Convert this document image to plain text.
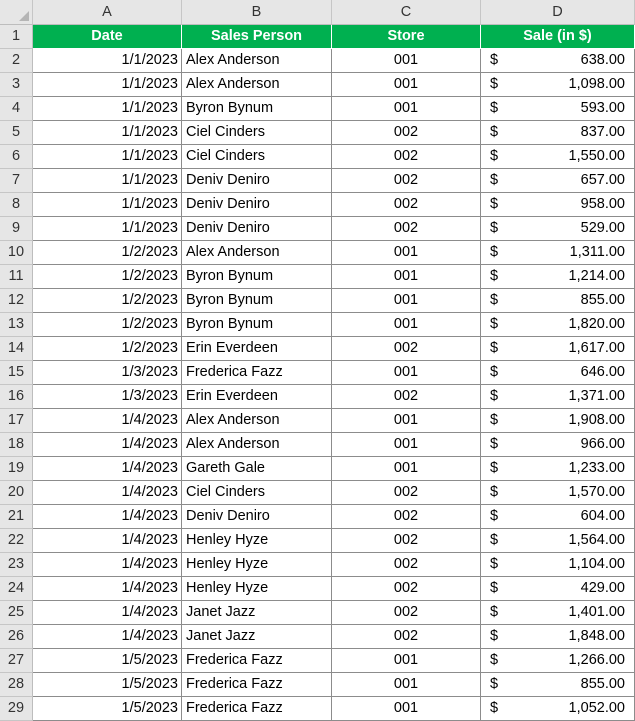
A	B	C	D
1	Date	Sales Person	Store	Sale (in $)
2	1/1/2023 Alex Anderson	001	$	638.00
3	1/1/2023 Alex Anderson	001	$	1,098.00
4	1/1/2023 Byron Bynum	001	$	593.00
5	1/1/2023 Ciel Cinders	002	$	837.00
6	1/1/2023 Ciel Cinders	002	$	1,550.00
7	1/1/2023 Deniv Deniro	002	$	657.00
8	1/1/2023 Deniv Deniro	002	$	958.00
9	1/1/2023 Deniv Deniro	002	$	529.00
10	1/2/2023 Alex Anderson	001	$	1,311.00
11	1/2/2023 Byron Bynum	001	$	1,214.00
12	1/2/2023 Byron Bynum	001	$	855.00
13	1/2/2023 Byron Bynum	001	$	1,820.00
14	1/2/2023 Erin Everdeen	002	$	1,617.00
15	1/3/2023 Frederica Fazz	001	$	646.00
16	1/3/2023 Erin Everdeen	002	$	1,371.00
17	1/4/2023 Alex Anderson	001	$	1,908.00
18	1/4/2023 Alex Anderson	001	$	966.00
19	1/4/2023 Gareth Gale	001	$	1,233.00
20	1/4/2023 Ciel Cinders	002	$	1,570.00
21	1/4/2023 Deniv Deniro	002	$	604.00
22	1/4/2023 Henley Hyze	002	$	1,564.00
23	1/4/2023 Henley Hyze	002	$	1,104.00
24	1/4/2023 Henley Hyze	002	$	429.00
25	1/4/2023 Janet Jazz	002	$	1,401.00
26	1/4/2023 Janet Jazz	002	$	1,848.00
27	1/5/2023 Frederica Fazz	001	$	1,266.00
28	1/5/2023 Frederica Fazz	001	$	855.00
29	1/5/2023 Frederica Fazz	001	$	1,052.00
